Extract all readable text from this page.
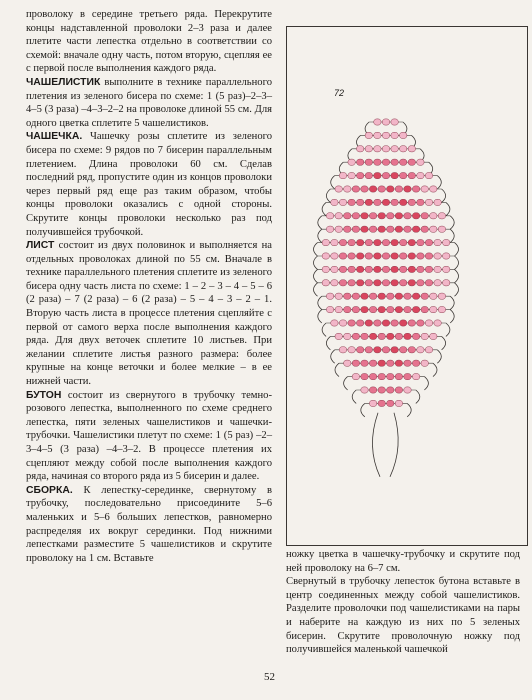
проволоку в середине третьего ряда. Перекрутите концы надставленной проволоки 2–3 раза и далее плетите части лепестка отдельно в соответствии со схемой: вначале одну часть, потом вторую, сцепляя ее с первой после выполнения каждого ряда.

ЧАШЕЛИСТИК выполните в технике параллельного плетения из зеленого бисера по схеме: 1 (5 раз)–2–3–4–5 (3 раза) –4–3–2–2 на проволоке длиной 55 см. Для одного цветка сплетите 5 чашелистиков.

ЧАШЕЧКА. Чашечку розы сплетите из зеленого бисера по схеме: 9 рядов по 7 бисерин параллельным плетением. Длина проволоки 60 см. Сделав последний ряд, пропустите один из концов проволоки через первый ряд еще раз таким образом, чтобы концы проволоки оказались с одной стороны. Скрутите концы проволоки несколько раз под получившейся трубочкой.

ЛИСТ состоит из двух половинок и выполняется на отдельных проволоках длиной по 55 см. Вначале в технике параллельного плетения сплетите из зеленого бисера одну часть листа по схеме: 1 – 2 – 3 – 4 – 5 – 6 (2 раза) – 7 (2 раза) – 6 (2 раза) – 5 – 4 – 3 – 2 – 1. Вторую часть листа в процессе плетения сцепляйте с первой от самого верха после выполнения каждого ряда. Для двух веточек сплетите 10 листьев. При желании сплетите листья разного размера: более крупные на конце веточки и более мелкие – в ее нижней части.

БУТОН состоит из свернутого в трубочку темно-розового лепестка, выполненного по схеме среднего лепестка, пяти зеленых чашелистиков и чашечки-трубочки. Чашелистики плетут по схеме: 1 (5 раз) –2–3–4–5 (3 раза) –4–3–2. В процессе плетения их сцепляют между собой после выполнения каждого ряда, начиная со второго ряда из 5 бисерин и далее.

СБОРКА. К лепестку-серединке, свернутому в трубочку, последовательно присоедините 5–6 маленьких и 5–6 больших лепестков, равномерно распределяя их вокруг серединки. Под нижними лепестками разместите 5 чашелистиков и скрутите проволоку на 1 см. Вставьте

72

ножку цветка в чашечку-трубочку и скрутите под ней проволоку на 6–7 см.

Свернутый в трубочку лепесток бутона вставьте в центр соединенных между собой чашелистиков. Разделите проволочки под чашелистиками на пары и наберите на каждую из них по 5 зеленых бисерин. Скрутите проволочную ножку под получившейся маленькой чашечкой

52
